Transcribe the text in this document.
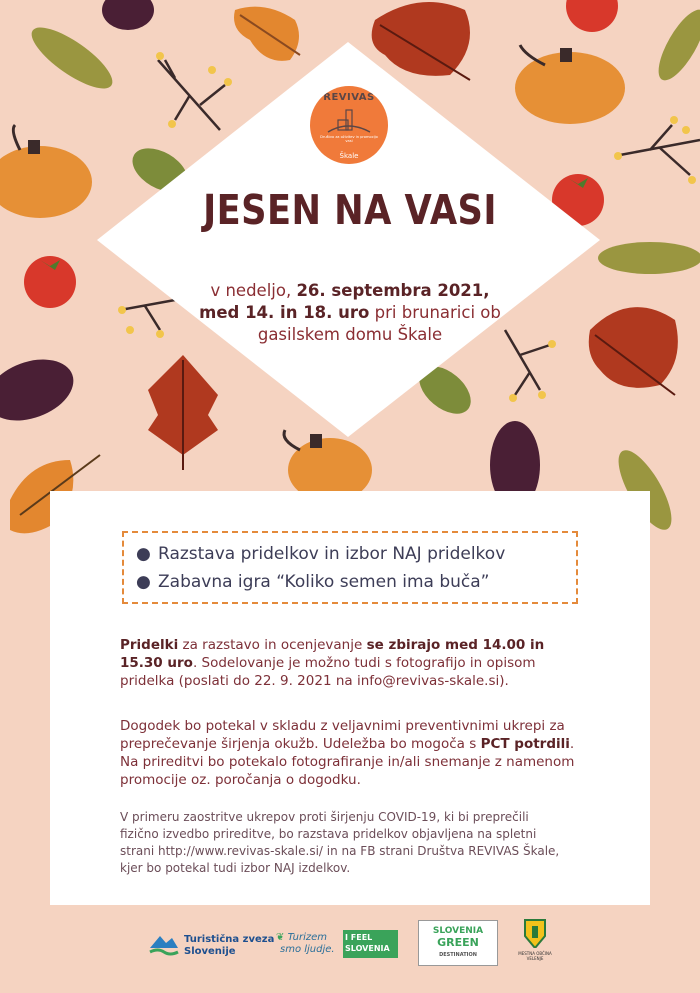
REVIVAS
Društvo za oživitev in promocijo vasi
Škale
JESEN NA VASI
v nedeljo, 26. septembra 2021,
med 14. in 18. uro pri brunarici ob
gasilskem domu Škale
● Razstava pridelkov in izbor NAJ pridelkov
● Zabavna igra “Koliko semen ima buča”
Pridelki za razstavo in ocenjevanje se zbirajo med 14.00 in 15.30 uro. Sodelovanje je možno tudi s fotografijo in opisom pridelka (poslati do 22. 9. 2021 na info@revivas-skale.si).
Dogodek bo potekal v skladu z veljavnimi preventivnimi ukrepi za preprečevanje širjenja okužb. Udeležba bo mogoča s PCT potrdili. Na prireditvi bo potekalo fotografiranje in/ali snemanje z namenom promocije oz. poročanja o dogodku.
V primeru zaostritve ukrepov proti širjenju COVID-19, ki bi preprečili fizično izvedbo prireditve, bo razstava pridelkov objavljena na spletni strani http://www.revivas-skale.si/ in na FB strani Društva REVIVAS Škale, kjer bo potekal tudi izbor NAJ izdelkov.
Turistična zveza
Slovenije
❦ Turizem
smo ljudje.
I FEEL
SLOVENIA
SLOVENIA
GREEN
DESTINATION	MESTNA OBČINA
VELENJE
